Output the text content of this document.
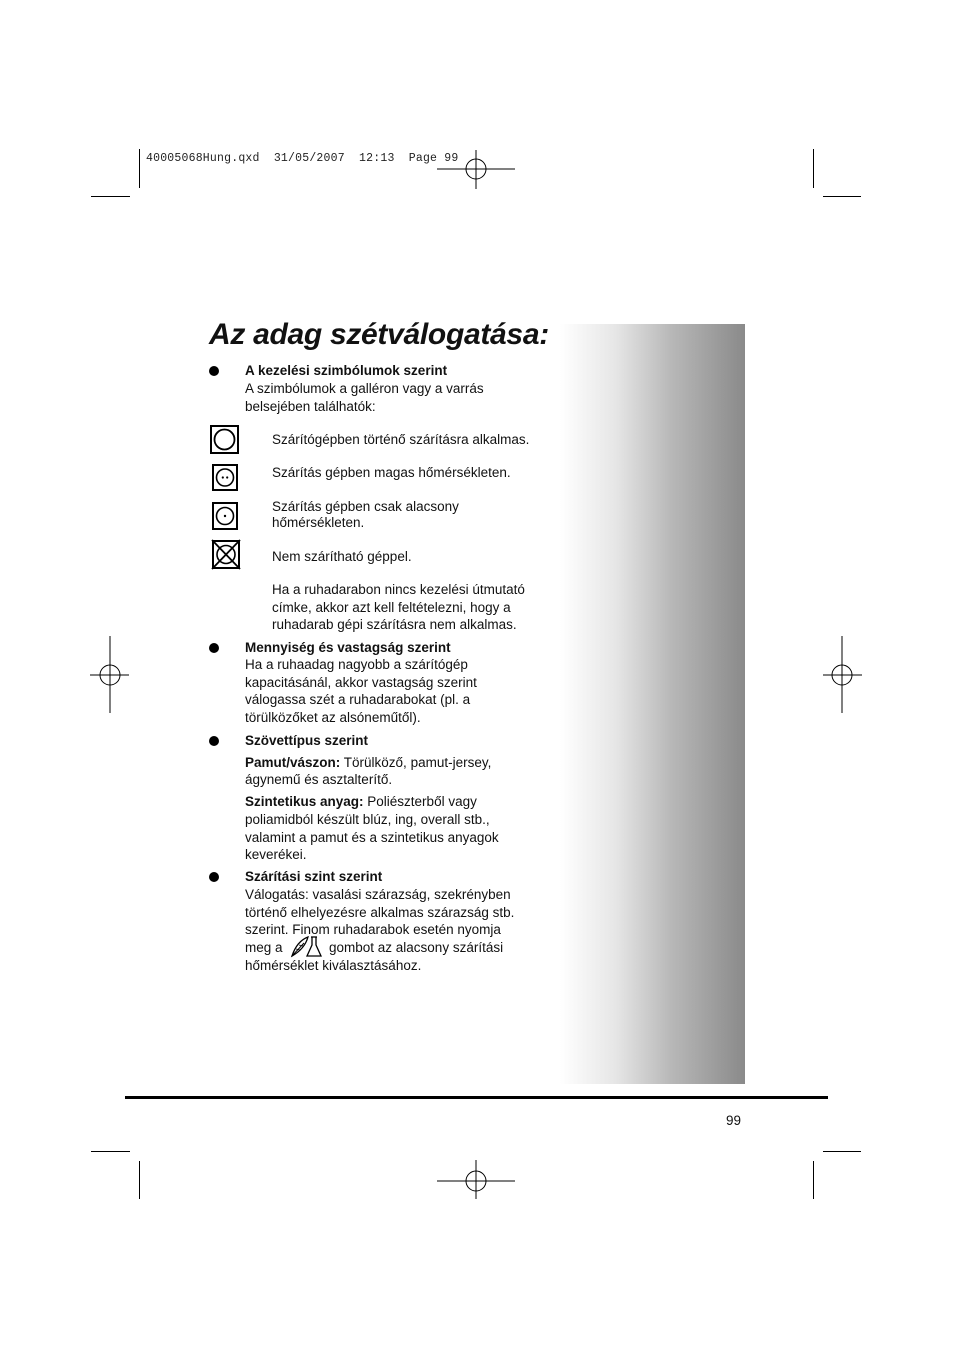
40005068Hung.qxd  31/05/2007  12:13  Page 99
Az adag szétválogatása:
A kezelési szimbólumok szerint
A szimbólumok a galléron vagy a varrás
belsejében találhatók:
Szárítógépben történő szárításra alkalmas.
Szárítás gépben magas hőmérsékleten.
Szárítás gépben csak alacsony
hőmérsékleten.
Nem szárítható géppel.
Ha a ruhadarabon nincs kezelési útmutató
címke, akkor azt kell feltételezni, hogy a
ruhadarab gépi szárításra nem alkalmas.
Mennyiség és vastagság szerint
Ha a ruhaadag nagyobb a szárítógép
kapacitásánál, akkor vastagság szerint
válogassa szét a ruhadarabokat (pl. a
törülközőket az alsóneműtől).
Szövettípus szerint
Pamut/vászon: Törülköző, pamut-jersey,
ágynemű és asztalterítő.
Szintetikus anyag: Poliészterből vagy
poliamidból készült blúz, ing, overall stb.,
valamint a pamut és a szintetikus anyagok
keverékei.
Szárítási szint szerint
Válogatás: vasalási szárazság, szekrényben
történő elhelyezésre alkalmas szárazság stb.
szerint. Finom ruhadarabok esetén nyomja
meg a	gombot az alacsony szárítási
hőmérséklet kiválasztásához.
99
